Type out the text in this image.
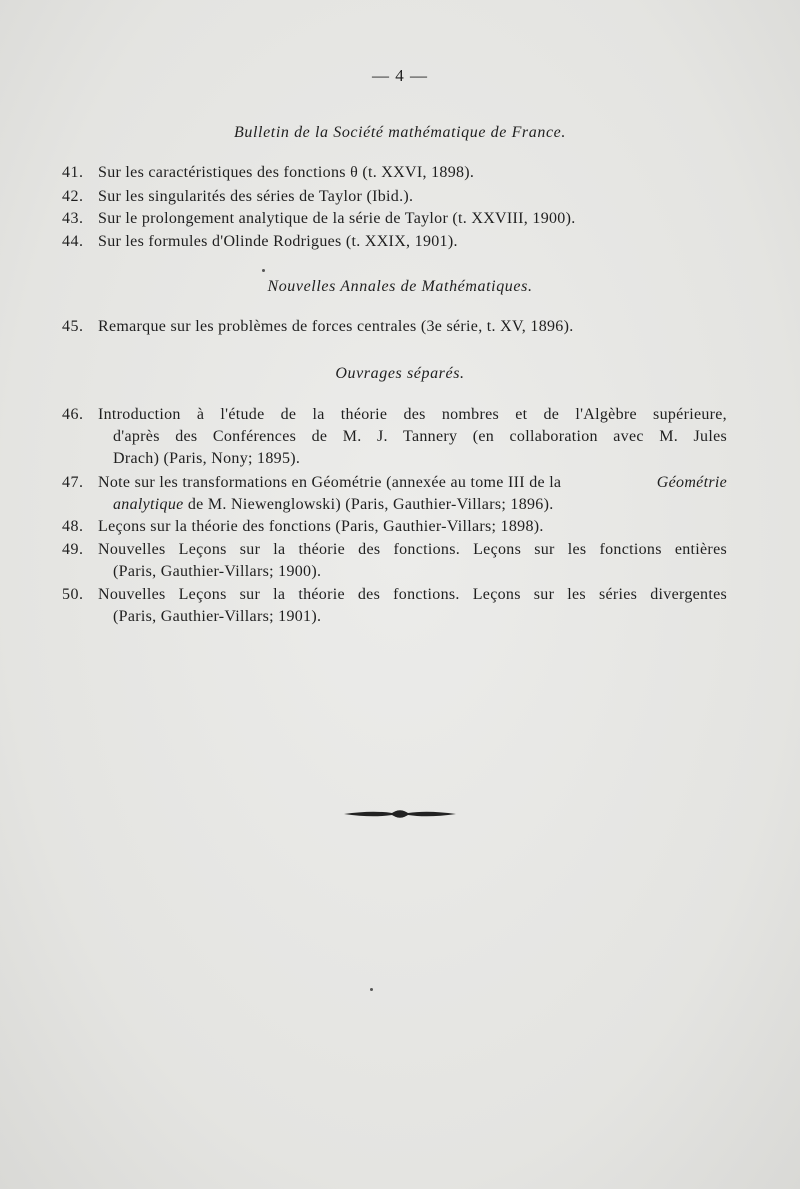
— 4 —
Bulletin de la Société mathématique de France.
41. Sur les caractéristiques des fonctions θ (t. XXVI, 1898).
42. Sur les singularités des séries de Taylor (Ibid.).
43. Sur le prolongement analytique de la série de Taylor (t. XXVIII, 1900).
44. Sur les formules d'Olinde Rodrigues (t. XXIX, 1901).
Nouvelles Annales de Mathématiques.
45. Remarque sur les problèmes de forces centrales (3e série, t. XV, 1896).
Ouvrages séparés.
46. Introduction à l'étude de la théorie des nombres et de l'Algèbre supérieure,
d'après des Conférences de M. J. Tannery (en collaboration avec M. Jules
Drach) (Paris, Nony; 1895).
47. Note sur les transformations en Géométrie (annexée au tome III de la	Géométrie
analytique de M. Niewenglowski) (Paris, Gauthier-Villars; 1896).
48. Leçons sur la théorie des fonctions (Paris, Gauthier-Villars; 1898).
49. Nouvelles Leçons sur la théorie des fonctions. Leçons sur les fonctions entières
(Paris, Gauthier-Villars; 1900).
50. Nouvelles Leçons sur la théorie des fonctions. Leçons sur les séries divergentes
(Paris, Gauthier-Villars; 1901).
